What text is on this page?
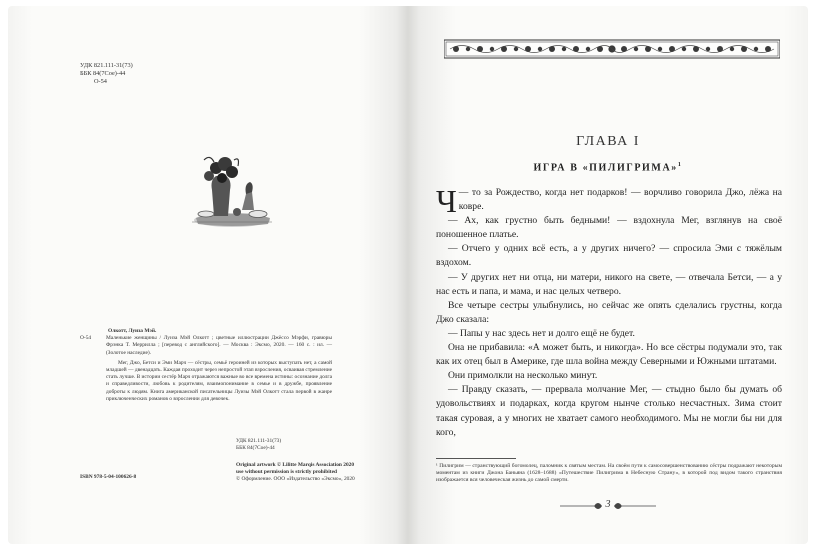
УДК 821.111-31(73)
ББК 84(7Сое)-44
О-54
Олкотт, Луиза Мэй.
О-54	Маленькие женщины / Луиза Мэй Олкотт ; цветные иллюстрации Джёссо Мэрфи, гравюры Фрэнка Т. Меррилла ; [перевод с английского]. — Москва : Эксмо, 2020. — 160 с. : ил. — (Золотое наследие).
Мег, Джо, Бетси и Эми Марч — сёстры, семьё героиней из которых выступать нет, а самой младшей — двенадцать. Каждая проходит через непростой этап взросления, осваивая стремление стать лучше. В истории сестёр Марч отражаются важные во все времена истины: осознание долга и справедливости, любовь к родителям, взаимопонимание в семье и в дружбе, проявление доброты к людям. Книга американской писательницы Луизы Мэй Олкотт стала первой в жанре приключенческих романов о взрослении для девочек.
УДК 821.111-31(73)
ББК 84(7Сое)-44
ISBN 978-5-04-100626-8
Original artwork © Lilitte Marqis Association 2020
use without permission is strictly prohibited
© Оформление. ООО «Издательство «Эксмо», 2020
ГЛАВА I
ИГРА В «ПИЛИГРИМА»$^1$

—
Ч то за Рождество, когда нет подарков! — ворчливо говорила Джо, лёжа на ковре.

— Ах, как грустно быть бедными! — вздохнула Мег, взглянув на своё поношенное платье.

— Отчего у одних всё есть, а у других ничего? — спросила Эми с тяжёлым вздохом.

— У других нет ни отца, ни матери, никого на свете, — отвечала Бетси, — а у нас есть и папа, и мама, и нас целых четверо.

Все четыре сестры улыбнулись, но сейчас же опять сделались грустны, когда Джо сказала:

— Папы у нас здесь нет и долго ещё не будет.

Она не прибавила: «А может быть, и никогда». Но все сёстры подумали это, так как их отец был в Америке, где шла война между Северными и Южными штатами.

Они примолкли на несколько минут.

— Правду сказать, — прервала молчание Мег, — стыдно было бы думать об удовольствиях и подарках, когда кругом нынче столько несчастных. Зима стоит такая суровая, а у многих не хватает самого необходимого. Мы не могли бы ни для кого,

¹ Пилигрим — странствующий богомолец, паломник к святым местам. На своём пути к самосовершенствованию сёстры подражают некоторым моментам из книги Джона Баньяна (1628–1688) «Путешествие Пилигрима в Небесную Страну», в которой под видом такого странствия изображается вся человеческая жизнь до самой смерти.
3
